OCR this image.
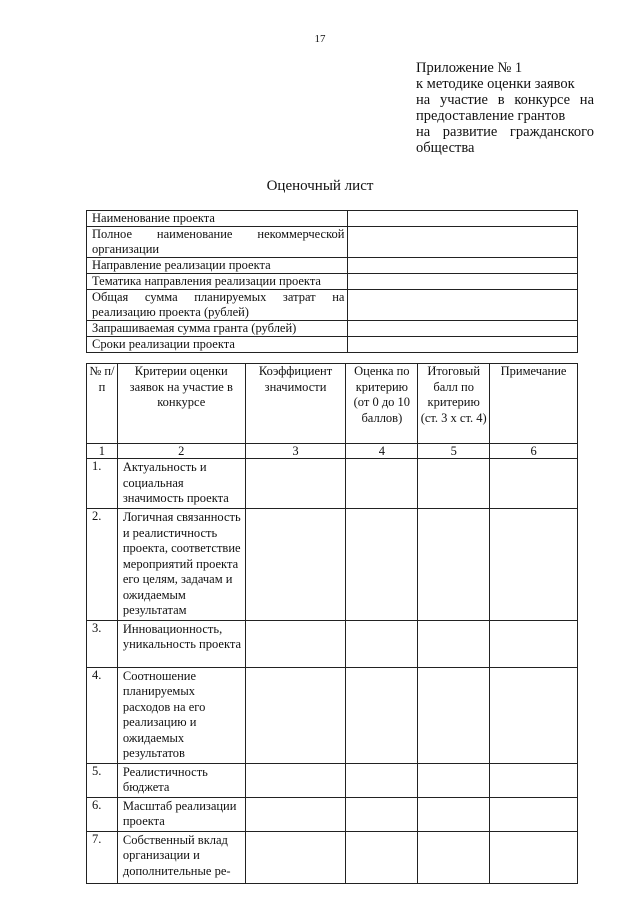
17
Приложение № 1
к методике оценки заявок
на участие в конкурсе на
предоставление грантов
на развитие гражданского
общества
Оценочный лист
Наименование проекта	
Полное наименование некоммерческой организации	
Направление реализации проекта	
Тематика направления реализации проекта	
Общая сумма планируемых затрат на реализацию проекта (рублей)	
Запрашиваемая сумма гранта (рублей)	
Сроки реализации проекта	
№ п/п	Критерии оценки заявок на участие в конкурсе	Коэффициент значимости	Оценка по критерию (от 0 до 10 баллов)	Итоговый балл по критерию (ст. 3 х ст. 4)	Примечание
1	2	3	4	5	6
1.	Актуальность и социальная значимость проекта				
2.	Логичная связанность и реалистичность проекта, соответствие мероприятий проекта его целям, задачам и ожидаемым результатам				
3.	Инновационность, уникальность проекта				
4.	Соотношение планируемых расходов на его реализацию и ожидаемых результатов				
5.	Реалистичность бюджета				
6.	Масштаб реализации проекта				
7.	Собственный вклад организации и дополнительные ре-				
